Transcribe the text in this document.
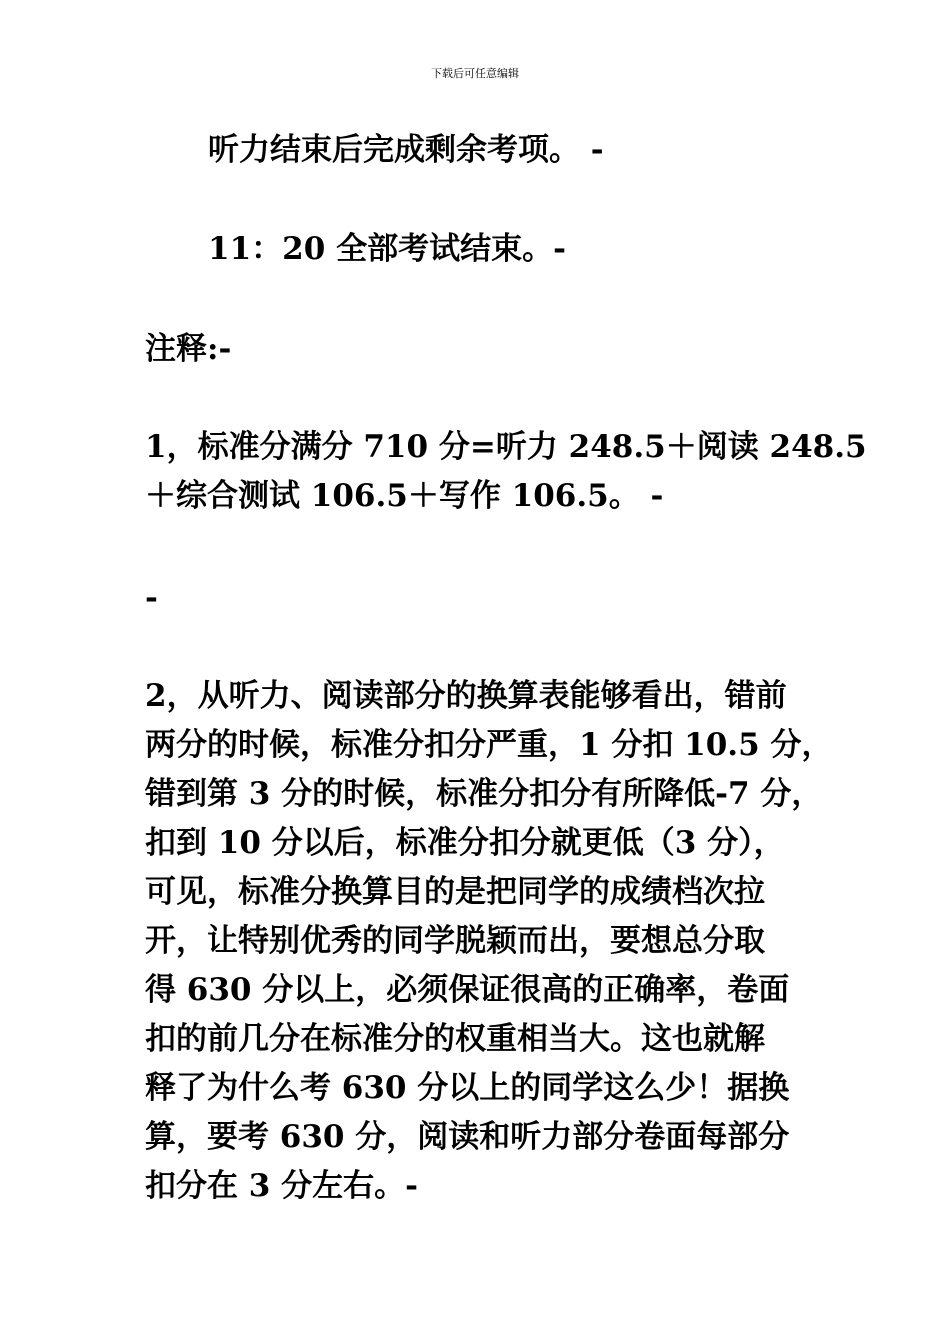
下载后可任意编辑

听力结束后完成剩余考项。 -

11：20 全部考试结束。-

注释:-

1，标准分满分 710 分=听力 248.5＋阅读 248.5
＋综合测试 106.5＋写作 106.5。 -

-

2，从听力、阅读部分的换算表能够看出，错前
两分的时候，标准分扣分严重，1 分扣 10.5 分，
错到第 3 分的时候，标准分扣分有所降低-7 分，
扣到 10 分以后，标准分扣分就更低（3 分），
可见，标准分换算目的是把同学的成绩档次拉
开，让特别优秀的同学脱颖而出，要想总分取
得 630 分以上，必须保证很高的正确率，卷面
扣的前几分在标准分的权重相当大。这也就解
释了为什么考 630 分以上的同学这么少！据换
算，要考 630 分，阅读和听力部分卷面每部分
扣分在 3 分左右。-
